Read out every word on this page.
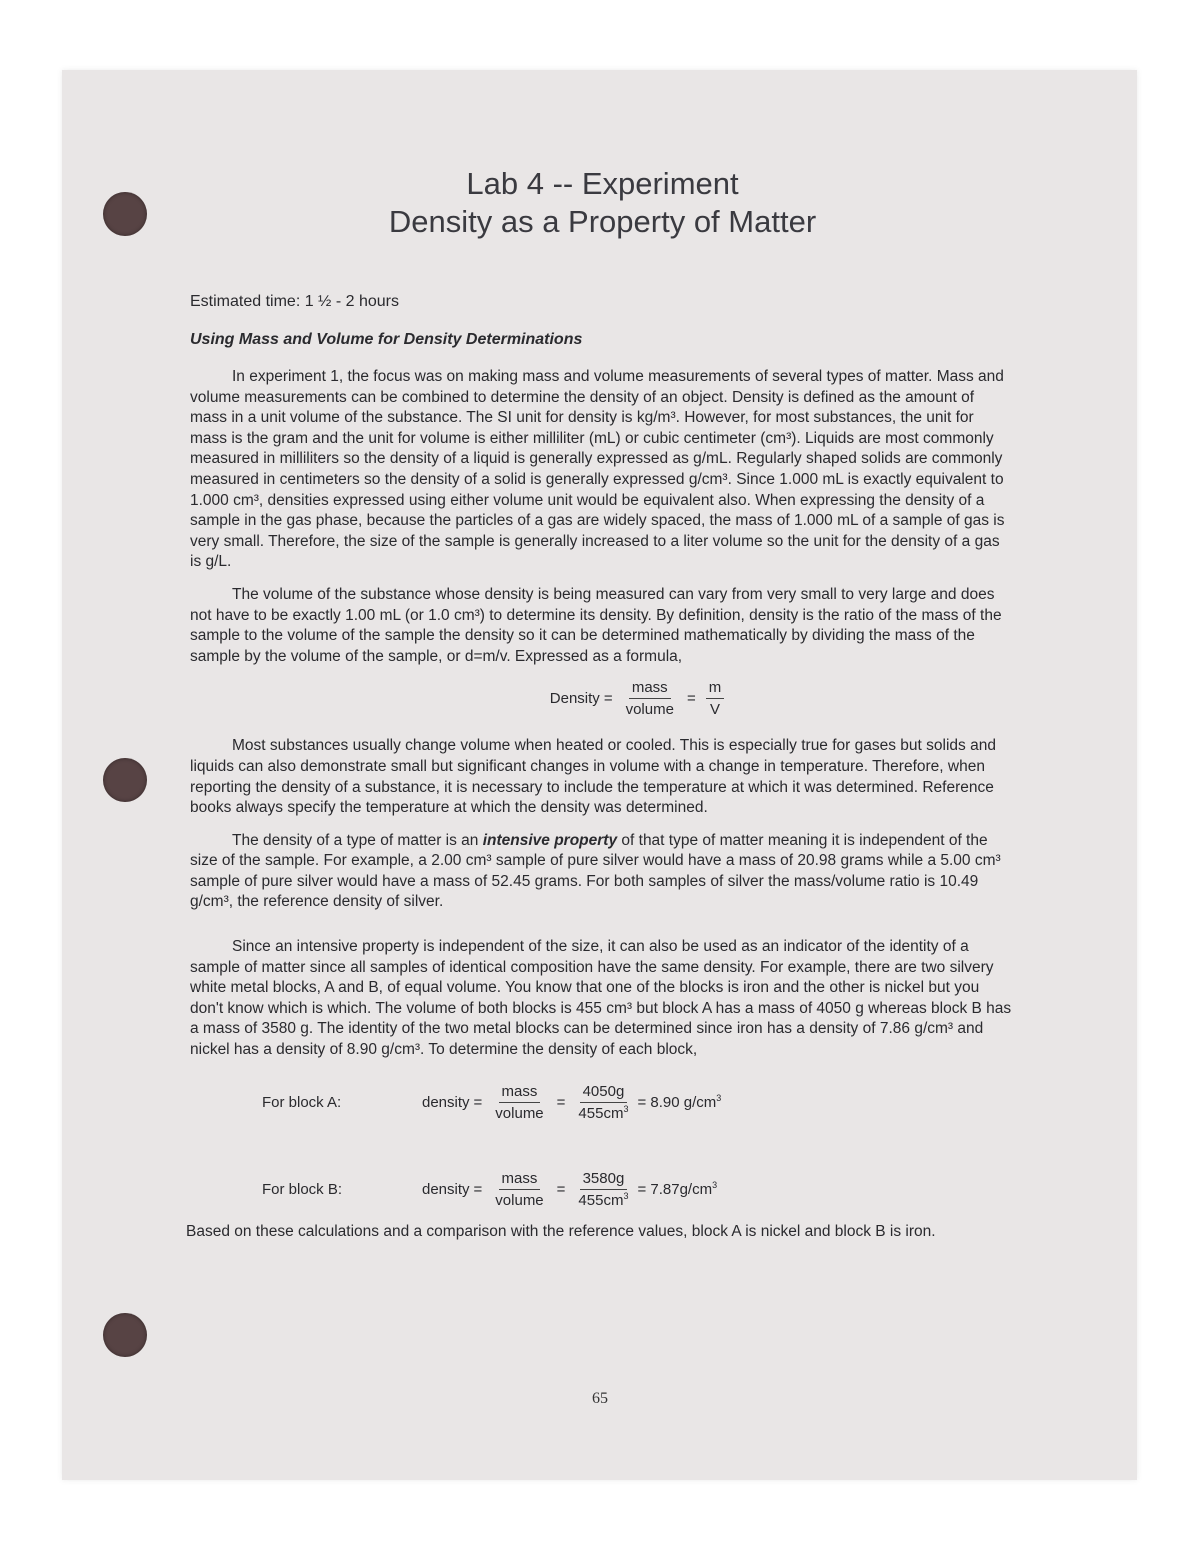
Lab 4 -- Experiment
Density as a Property of Matter
Estimated time: 1 ½ - 2 hours
Using Mass and Volume for Density Determinations

In experiment 1, the focus was on making mass and volume measurements of several types of matter. Mass and volume measurements can be combined to determine the density of an object. Density is defined as the amount of mass in a unit volume of the substance. The SI unit for density is kg/m³. However, for most substances, the unit for mass is the gram and the unit for volume is either milliliter (mL) or cubic centimeter (cm³). Liquids are most commonly measured in milliliters so the density of a liquid is generally expressed as g/mL. Regularly shaped solids are commonly measured in centimeters so the density of a solid is generally expressed g/cm³. Since 1.000 mL is exactly equivalent to 1.000 cm³, densities expressed using either volume unit would be equivalent also. When expressing the density of a sample in the gas phase, because the particles of a gas are widely spaced, the mass of 1.000 mL of a sample of gas is very small. Therefore, the size of the sample is generally increased to a liter volume so the unit for the density of a gas is g/L.

The volume of the substance whose density is being measured can vary from very small to very large and does not have to be exactly 1.00 mL (or 1.0 cm³) to determine its density. By definition, density is the ratio of the mass of the sample to the volume of the sample the density so it can be determined mathematically by dividing the mass of the sample by the volume of the sample, or d=m/v. Expressed as a formula,

Density = $\frac{\text{mass}}{\text{volume}} = \frac{m}{V}$

Most substances usually change volume when heated or cooled. This is especially true for gases but solids and liquids can also demonstrate small but significant changes in volume with a change in temperature. Therefore, when reporting the density of a substance, it is necessary to include the temperature at which it was determined. Reference books always specify the temperature at which the density was determined.

The density of a type of matter is an intensive property of that type of matter meaning it is independent of the size of the sample. For example, a 2.00 cm³ sample of pure silver would have a mass of 20.98 grams while a 5.00 cm³ sample of pure silver would have a mass of 52.45 grams. For both samples of silver the mass/volume ratio is 10.49 g/cm³, the reference density of silver.

Since an intensive property is independent of the size, it can also be used as an indicator of the identity of a sample of matter since all samples of identical composition have the same density. For example, there are two silvery white metal blocks, A and B, of equal volume. You know that one of the blocks is iron and the other is nickel but you don't know which is which. The volume of both blocks is 455 cm³ but block A has a mass of 4050 g whereas block B has a mass of 3580 g. The identity of the two metal blocks can be determined since iron has a density of 7.86 g/cm³ and nickel has a density of 8.90 g/cm³. To determine the density of each block,

For block A:	density = $\frac{\text{mass}}{\text{volume}} = \frac{4050g}{455cm^3} = 8.90$ $g/cm^3$
For block B:	density = $\frac{\text{mass}}{\text{volume}} = \frac{3580g}{455cm^3} = 7.87g/cm^3$
Based on these calculations and a comparison with the reference values, block A is nickel and block B is iron.
65
